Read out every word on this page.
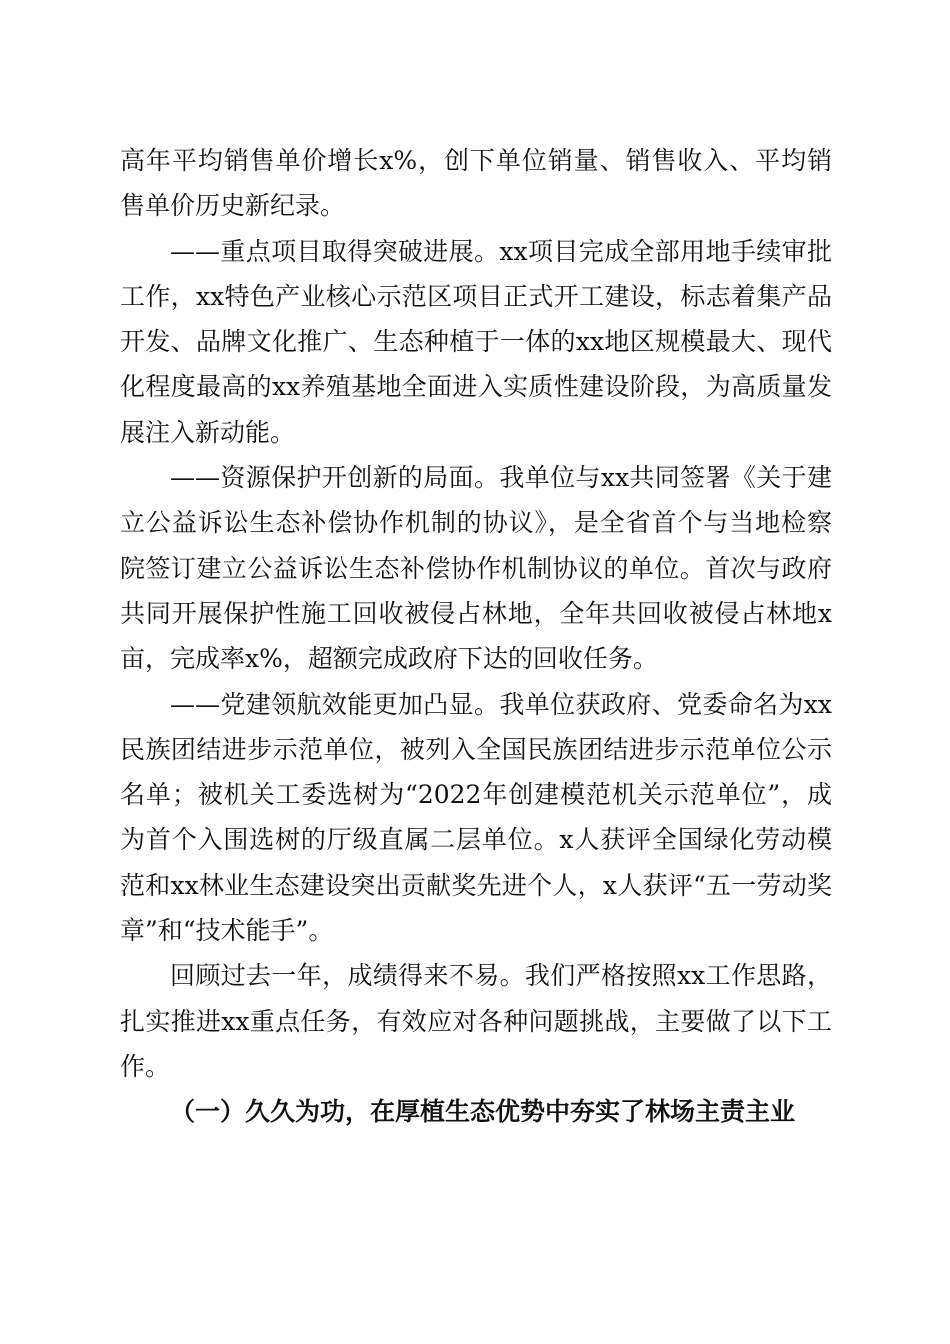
高年平均销售单价增长x%，创下单位销量、销售收入、平均销售单价历史新纪录。

——重点项目取得突破进展。xx项目完成全部用地手续审批工作，xx特色产业核心示范区项目正式开工建设，标志着集产品开发、品牌文化推广、生态种植于一体的xx地区规模最大、现代化程度最高的xx养殖基地全面进入实质性建设阶段，为高质量发展注入新动能。

——资源保护开创新的局面。我单位与xx共同签署《关于建立公益诉讼生态补偿协作机制的协议》，是全省首个与当地检察院签订建立公益诉讼生态补偿协作机制协议的单位。首次与政府共同开展保护性施工回收被侵占林地，全年共回收被侵占林地x亩，完成率x%，超额完成政府下达的回收任务。

——党建领航效能更加凸显。我单位获政府、党委命名为xx民族团结进步示范单位，被列入全国民族团结进步示范单位公示名单；被机关工委选树为“2022年创建模范机关示范单位”，成为首个入围选树的厅级直属二层单位。x人获评全国绿化劳动模范和xx林业生态建设突出贡献奖先进个人，x人获评“五一劳动奖章”和“技术能手”。

回顾过去一年，成绩得来不易。我们严格按照xx工作思路，扎实推进xx重点任务，有效应对各种问题挑战，主要做了以下工作。

（一）久久为功，在厚植生态优势中夯实了林场主责主业
